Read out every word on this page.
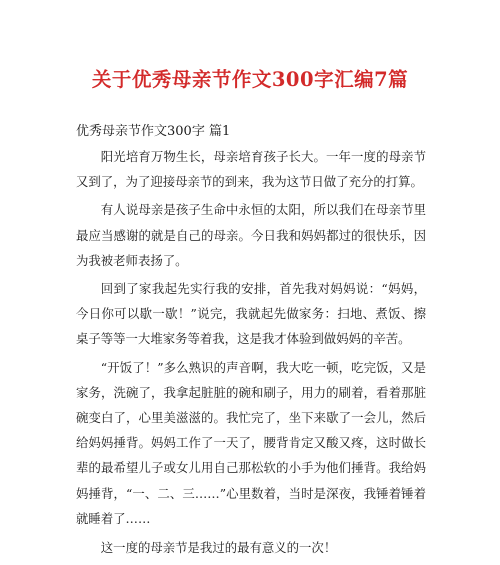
关于优秀母亲节作文300字汇编7篇
优秀母亲节作文300字 篇1

阳光培育万物生长，母亲培育孩子长大。一年一度的母亲节又到了，为了迎接母亲节的到来，我为这节日做了充分的打算。

有人说母亲是孩子生命中永恒的太阳，所以我们在母亲节里最应当感谢的就是自己的母亲。今日我和妈妈都过的很快乐，因为我被老师表扬了。

回到了家我起先实行我的安排，首先我对妈妈说：“妈妈，今日你可以歇一歇！”说完，我就起先做家务：扫地、煮饭、擦桌子等等一大堆家务等着我，这是我才体验到做妈妈的辛苦。

“开饭了！”多么熟识的声音啊，我大吃一顿，吃完饭，又是家务，洗碗了，我拿起脏脏的碗和刷子，用力的刷着，看着那脏碗变白了，心里美滋滋的。我忙完了，坐下来歇了一会儿，然后给妈妈捶背。妈妈工作了一天了，腰背肯定又酸又疼，这时做长辈的最希望儿子或女儿用自己那松软的小手为他们捶背。我给妈妈捶背，“一、二、三……”心里数着，当时是深夜，我锤着锤着就睡着了……

这一度的母亲节是我过的最有意义的一次！
